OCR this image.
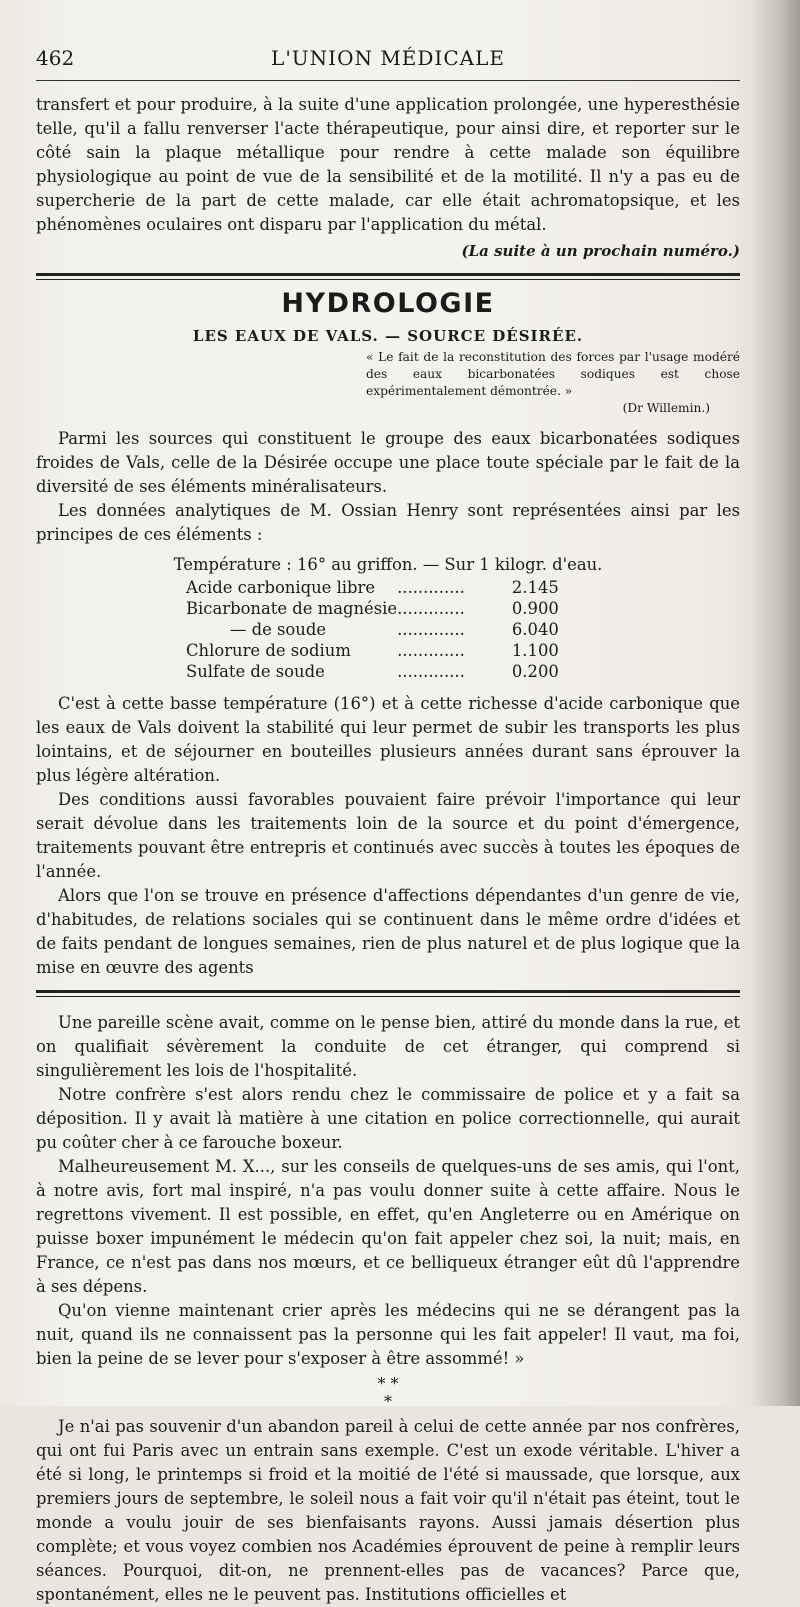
462	L'UNION MÉDICALE

transfert et pour produire, à la suite d'une application prolongée, une hyperesthésie telle, qu'il a fallu renverser l'acte thérapeutique, pour ainsi dire, et reporter sur le côté sain la plaque métallique pour rendre à cette malade son équilibre physiologique au point de vue de la sensibilité et de la motilité. Il n'y a pas eu de supercherie de la part de cette malade, car elle était achromatopsique, et les phénomènes oculaires ont disparu par l'application du métal.

(La suite à un prochain numéro.)
HYDROLOGIE
LES EAUX DE VALS. — SOURCE DÉSIRÉE.
« Le fait de la reconstitution des forces par l'usage modéré des eaux bicarbonatées sodiques est chose expérimentalement démontrée. »
(Dr Willemin.)

Parmi les sources qui constituent le groupe des eaux bicarbonatées sodiques froides de Vals, celle de la Désirée occupe une place toute spéciale par le fait de la diversité de ses éléments minéralisateurs.

Les données analytiques de M. Ossian Henry sont représentées ainsi par les principes de ces éléments :

Température : 16° au griffon. — Sur 1 kilogr. d'eau.
Acide carbonique libre	.............	2.145
Bicarbonate de magnésie	.............	0.900
— de soude	.............	6.040
Chlorure de sodium	.............	1.100
Sulfate de soude	.............	0.200

C'est à cette basse température (16°) et à cette richesse d'acide carbonique que les eaux de Vals doivent la stabilité qui leur permet de subir les transports les plus lointains, et de séjourner en bouteilles plusieurs années durant sans éprouver la plus légère altération.

Des conditions aussi favorables pouvaient faire prévoir l'importance qui leur serait dévolue dans les traitements loin de la source et du point d'émergence, traitements pouvant être entrepris et continués avec succès à toutes les époques de l'année.

Alors que l'on se trouve en présence d'affections dépendantes d'un genre de vie, d'habitudes, de relations sociales qui se continuent dans le même ordre d'idées et de faits pendant de longues semaines, rien de plus naturel et de plus logique que la mise en œuvre des agents

Une pareille scène avait, comme on le pense bien, attiré du monde dans la rue, et on qualifiait sévèrement la conduite de cet étranger, qui comprend si singulièrement les lois de l'hospitalité.

Notre confrère s'est alors rendu chez le commissaire de police et y a fait sa déposition. Il y avait là matière à une citation en police correctionnelle, qui aurait pu coûter cher à ce farouche boxeur.

Malheureusement M. X..., sur les conseils de quelques-uns de ses amis, qui l'ont, à notre avis, fort mal inspiré, n'a pas voulu donner suite à cette affaire. Nous le regrettons vivement. Il est possible, en effet, qu'en Angleterre ou en Amérique on puisse boxer impunément le médecin qu'on fait appeler chez soi, la nuit; mais, en France, ce n'est pas dans nos mœurs, et ce belliqueux étranger eût dû l'apprendre à ses dépens.

Qu'on vienne maintenant crier après les médecins qui ne se dérangent pas la nuit, quand ils ne connaissent pas la personne qui les fait appeler! Il vaut, ma foi, bien la peine de se lever pour s'exposer à être assommé! »

* *
*

Je n'ai pas souvenir d'un abandon pareil à celui de cette année par nos confrères, qui ont fui Paris avec un entrain sans exemple. C'est un exode véritable. L'hiver a été si long, le printemps si froid et la moitié de l'été si maussade, que lorsque, aux premiers jours de septembre, le soleil nous a fait voir qu'il n'était pas éteint, tout le monde a voulu jouir de ses bienfaisants rayons. Aussi jamais désertion plus complète; et vous voyez combien nos Académies éprouvent de peine à remplir leurs séances. Pourquoi, dit-on, ne prennent-elles pas de vacances? Parce que, spontanément, elles ne le peuvent pas. Institutions officielles et
